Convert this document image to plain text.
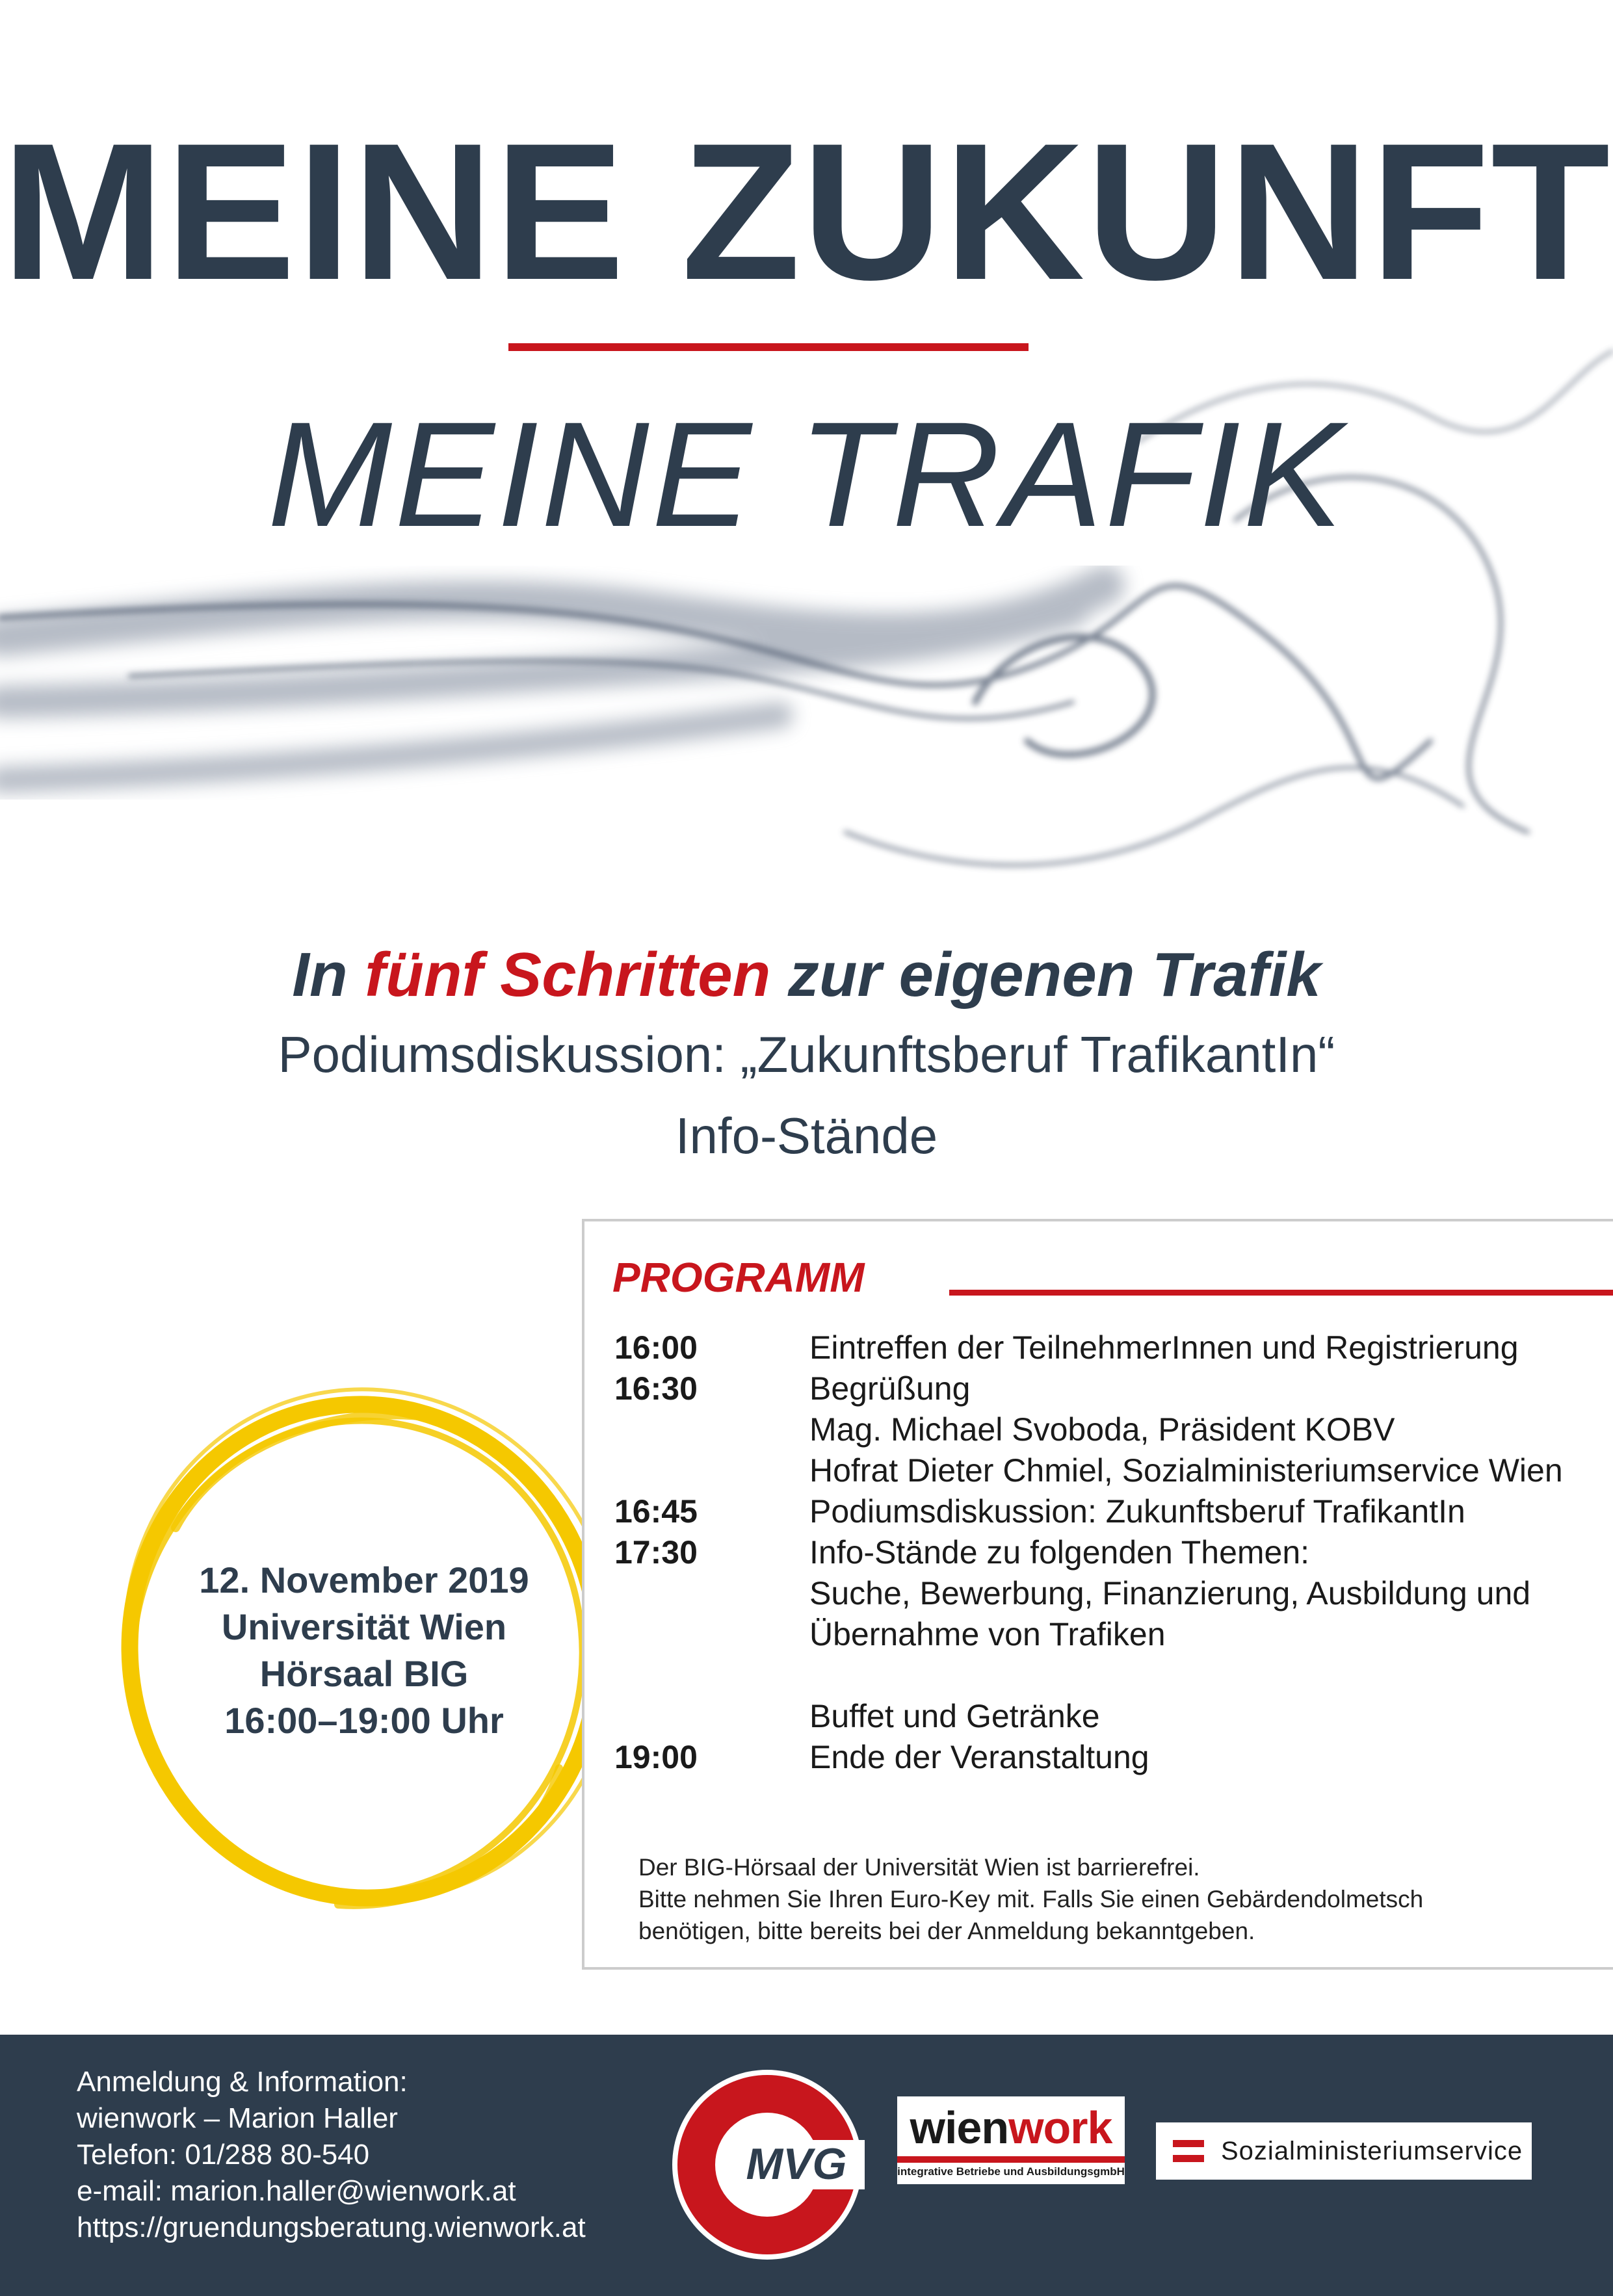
MEINE ZUKUNFT
MEINE TRAFIK
In fünf Schritten zur eigenen Trafik
Podiumsdiskussion: „Zukunftsberuf TrafikantIn“
Info-Stände
12. November 2019
Universität Wien
Hörsaal BIG
16:00–19:00 Uhr
PROGRAMM
16:00	Eintreffen der TeilnehmerInnen und Registrierung
16:30	Begrüßung
Mag. Michael Svoboda, Präsident KOBV
Hofrat Dieter Chmiel, Sozialministeriumservice Wien
16:45	Podiumsdiskussion: Zukunftsberuf TrafikantIn
17:30	Info-Stände zu folgenden Themen:
Suche, Bewerbung, Finanzierung, Ausbildung und
Übernahme von Trafiken
Buffet und Getränke
19:00	Ende der Veranstaltung
Der BIG-Hörsaal der Universität Wien ist barrierefrei.
Bitte nehmen Sie Ihren Euro-Key mit. Falls Sie einen Gebärdendolmetsch
benötigen, bitte bereits bei der Anmeldung bekanntgeben.
Anmeldung & Information:
wienwork – Marion Haller
Telefon: 01/288 80-540
e-mail: marion.haller@wienwork.at
https://gruendungsberatung.wienwork.at
MVG
wienwork
integrative Betriebe und AusbildungsgmbH
Sozialministeriumservice
